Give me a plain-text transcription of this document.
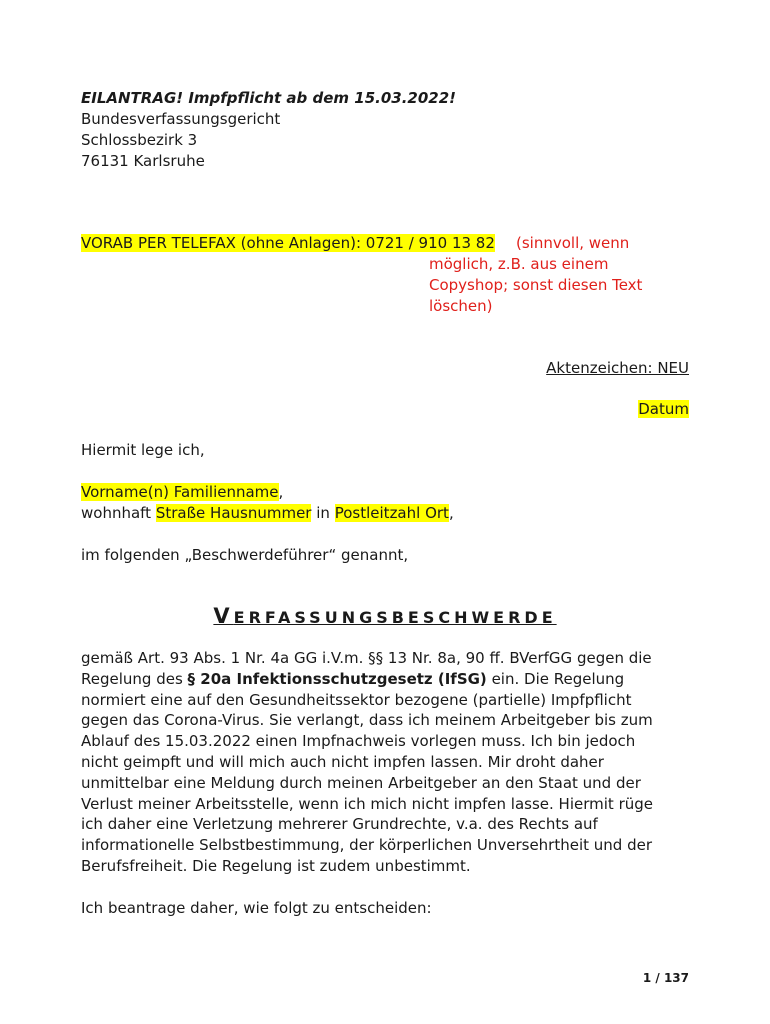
EILANTRAG! Impfpflicht ab dem 15.03.2022!
Bundesverfassungsgericht
Schlossbezirk 3
76131 Karlsruhe
VORAB PER TELEFAX (ohne Anlagen): 0721 / 910 13 82 (sinnvoll, wenn
möglich, z.B. aus einem
Copyshop; sonst diesen Text
löschen)
Aktenzeichen: NEU
Datum
Hiermit lege ich,
Vorname(n) Familienname,
wohnhaft Straße Hausnummer in Postleitzahl Ort,
im folgenden „Beschwerdeführer“ genannt,
VERFASSUNGSBESCHWERDE
gemäß Art. 93 Abs. 1 Nr. 4a GG i.V.m. §§ 13 Nr. 8a, 90 ff. BVerfGG gegen die
Regelung des § 20a Infektionsschutzgesetz (IfSG) ein. Die Regelung
normiert eine auf den Gesundheitssektor bezogene (partielle) Impfpflicht
gegen das Corona-Virus. Sie verlangt, dass ich meinem Arbeitgeber bis zum
Ablauf des 15.03.2022 einen Impfnachweis vorlegen muss. Ich bin jedoch
nicht geimpft und will mich auch nicht impfen lassen. Mir droht daher
unmittelbar eine Meldung durch meinen Arbeitgeber an den Staat und der
Verlust meiner Arbeitsstelle, wenn ich mich nicht impfen lasse. Hiermit rüge
ich daher eine Verletzung mehrerer Grundrechte, v.a. des Rechts auf
informationelle Selbstbestimmung, der körperlichen Unversehrtheit und der
Berufsfreiheit. Die Regelung ist zudem unbestimmt.
Ich beantrage daher, wie folgt zu entscheiden:
1 / 137
